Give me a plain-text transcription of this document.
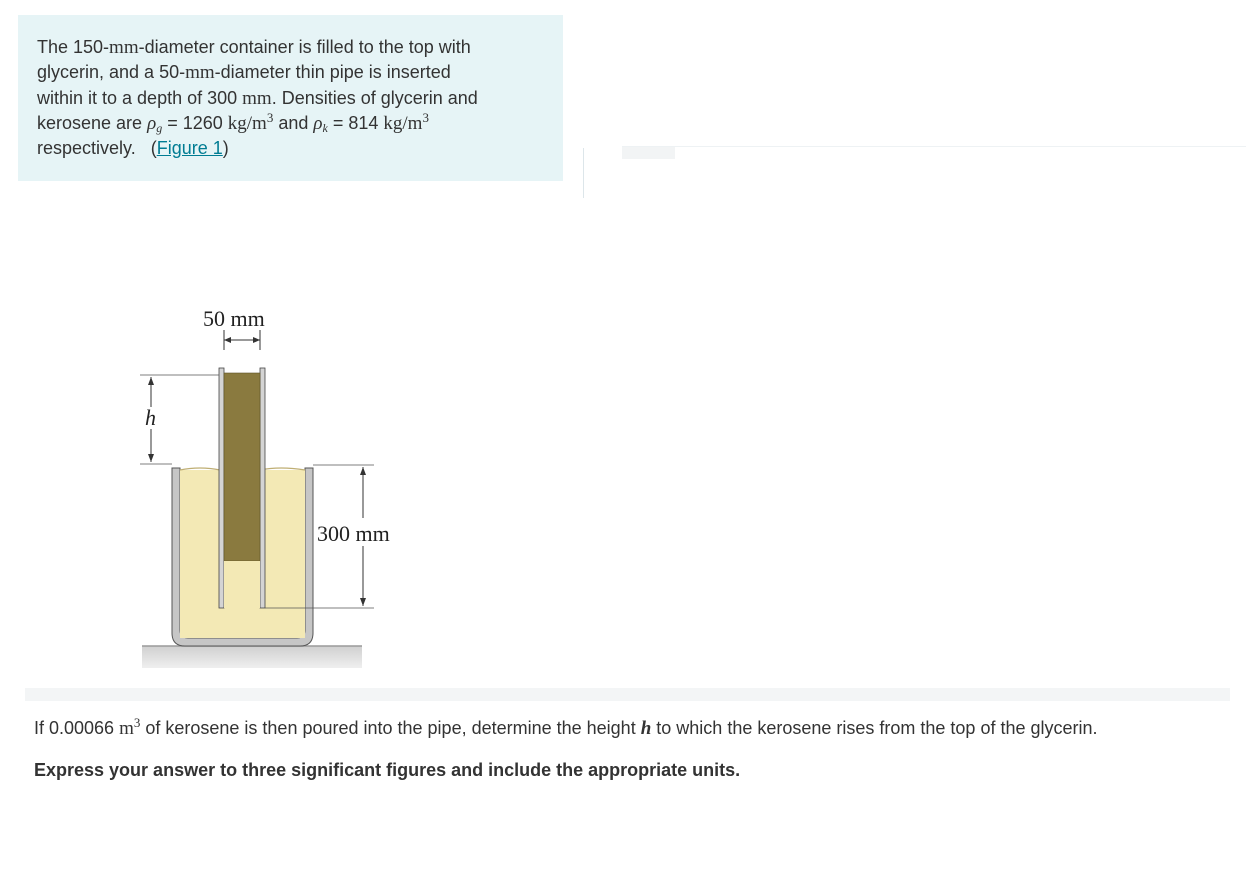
The 150-mm-diameter container is filled to the top with
glycerin, and a 50-mm-diameter thin pipe is inserted
within it to a depth of 300 mm. Densities of glycerin and
kerosene are $\rho_g = 1260$ $kg/m^3$ and $\rho_k = 814$ $kg/m^3$
respectively. (Figure 1)
50 mm
h
300 mm
If 0.00066 $m^3$ of kerosene is then poured into the pipe, determine the height h to which the kerosene rises from the top of the glycerin.
Express your answer to three significant figures and include the appropriate units.
